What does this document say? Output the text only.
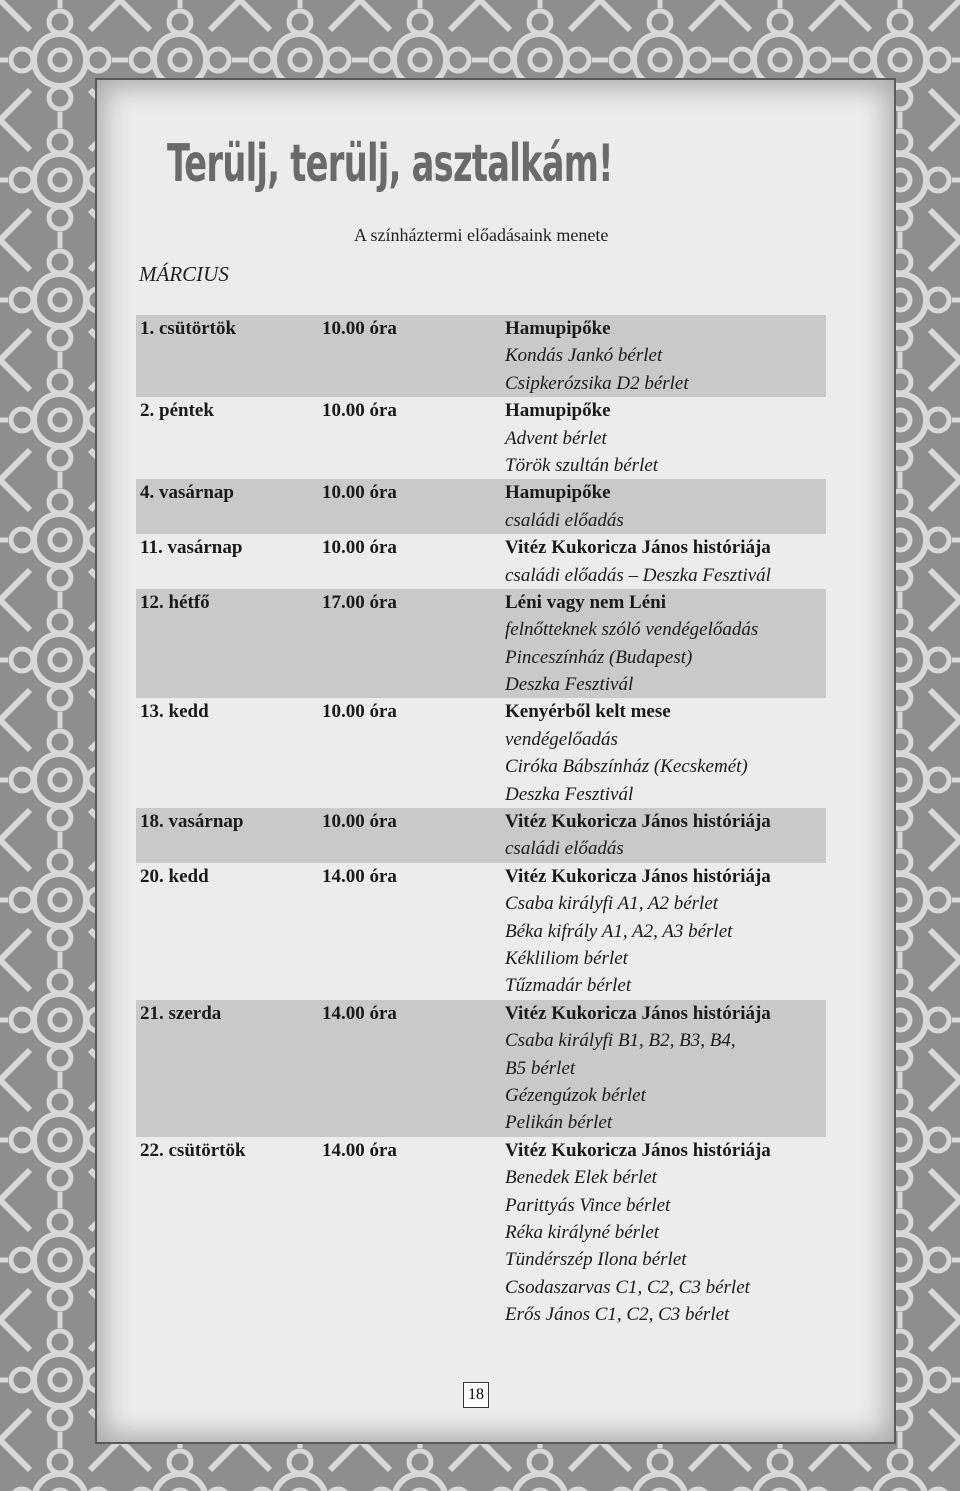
Terülj, terülj, asztalkám!
A színháztermi előadásaink menete
MÁRCIUS
1. csütörtök	10.00 óra	Hamupipőke
Kondás Jankó bérlet
Csipkerózsika D2 bérlet
2. péntek	10.00 óra	Hamupipőke
Advent bérlet
Török szultán bérlet
4. vasárnap	10.00 óra	Hamupipőke
családi előadás
11. vasárnap	10.00 óra	Vitéz Kukoricza János históriája
családi előadás – Deszka Fesztivál
12. hétfő	17.00 óra	Léni vagy nem Léni
felnőtteknek szóló vendégelőadás
Pinceszínház (Budapest)
Deszka Fesztivál
13. kedd	10.00 óra	Kenyérből kelt mese
vendégelőadás
Ciróka Bábszínház (Kecskemét)
Deszka Fesztivál
18. vasárnap	10.00 óra	Vitéz Kukoricza János históriája
családi előadás
20. kedd	14.00 óra	Vitéz Kukoricza János históriája
Csaba királyfi A1, A2 bérlet
Béka kifrály A1, A2, A3 bérlet
Kékliliom bérlet
Tűzmadár bérlet
21. szerda	14.00 óra	Vitéz Kukoricza János históriája
Csaba királyfi B1, B2, B3, B4,
B5 bérlet
Gézengúzok bérlet
Pelikán bérlet
22. csütörtök	14.00 óra	Vitéz Kukoricza János históriája
Benedek Elek bérlet
Parittyás Vince bérlet
Réka királyné bérlet
Tündérszép Ilona bérlet
Csodaszarvas C1, C2, C3 bérlet
Erős János C1, C2, C3 bérlet
18
